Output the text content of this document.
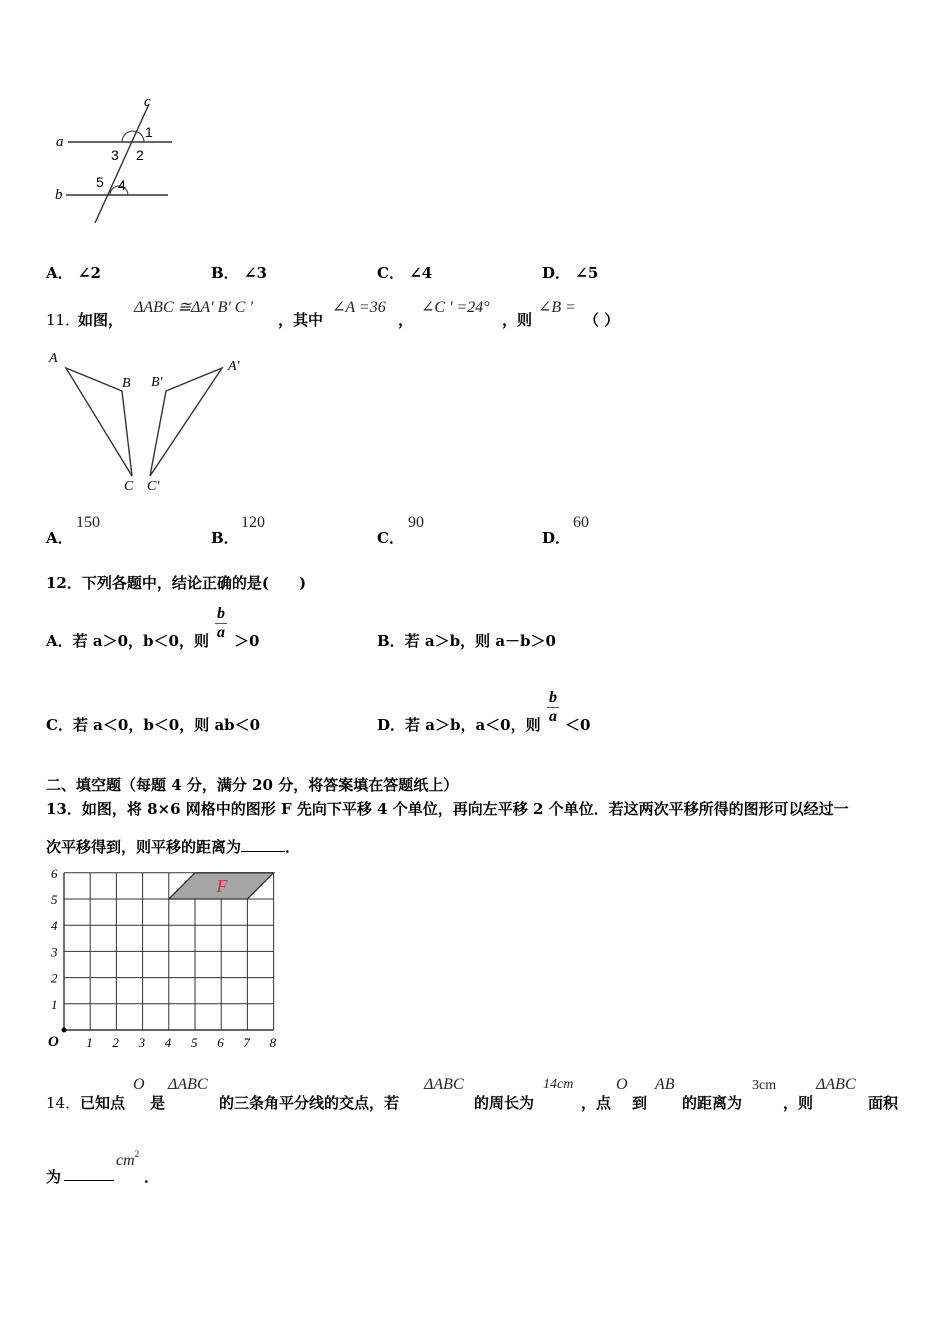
c
a
b
1
2
3
4
5
A． ∠2	B． ∠3	C． ∠4	D． ∠5
11．
如图，
ΔABC ≅ΔA' B' C '
，其中
∠A =36
，
∠C ' =24°
，则
∠B =
（ ）
A
B
C
B'
A'
C'
A．
150
B．
120
C．
90
D．
60
12．下列各题中，结论正确的是(　　)
A．若 a＞0，b＜0，则 $\frac{b}{a} >0$	B．若 a＞b，则 a－b＞0
C．若 a＜0，b＜0，则 ab＜0	D．若 a＞b，a＜0，则 $\frac{b}{a} <0$
二、填空题（每题 4 分，满分 20 分，将答案填在答题纸上）
13．如图，将 8×6 网格中的图形 F 先向下平移 4 个单位，再向左平移 2 个单位．若这两次平移所得的图形可以经过一
次平移得到，则平移的距离为	．
F
O 1 2 3 4 5 6 7 8
1
2
3
4
5
6
14． 已知点
O
是
ΔABC
的三条角平分线的交点，若
ΔABC
的周长为
14cm
，点
O
到
AB
的距离为
3cm
，则
ΔABC
面积
为
$cm^2$
．
